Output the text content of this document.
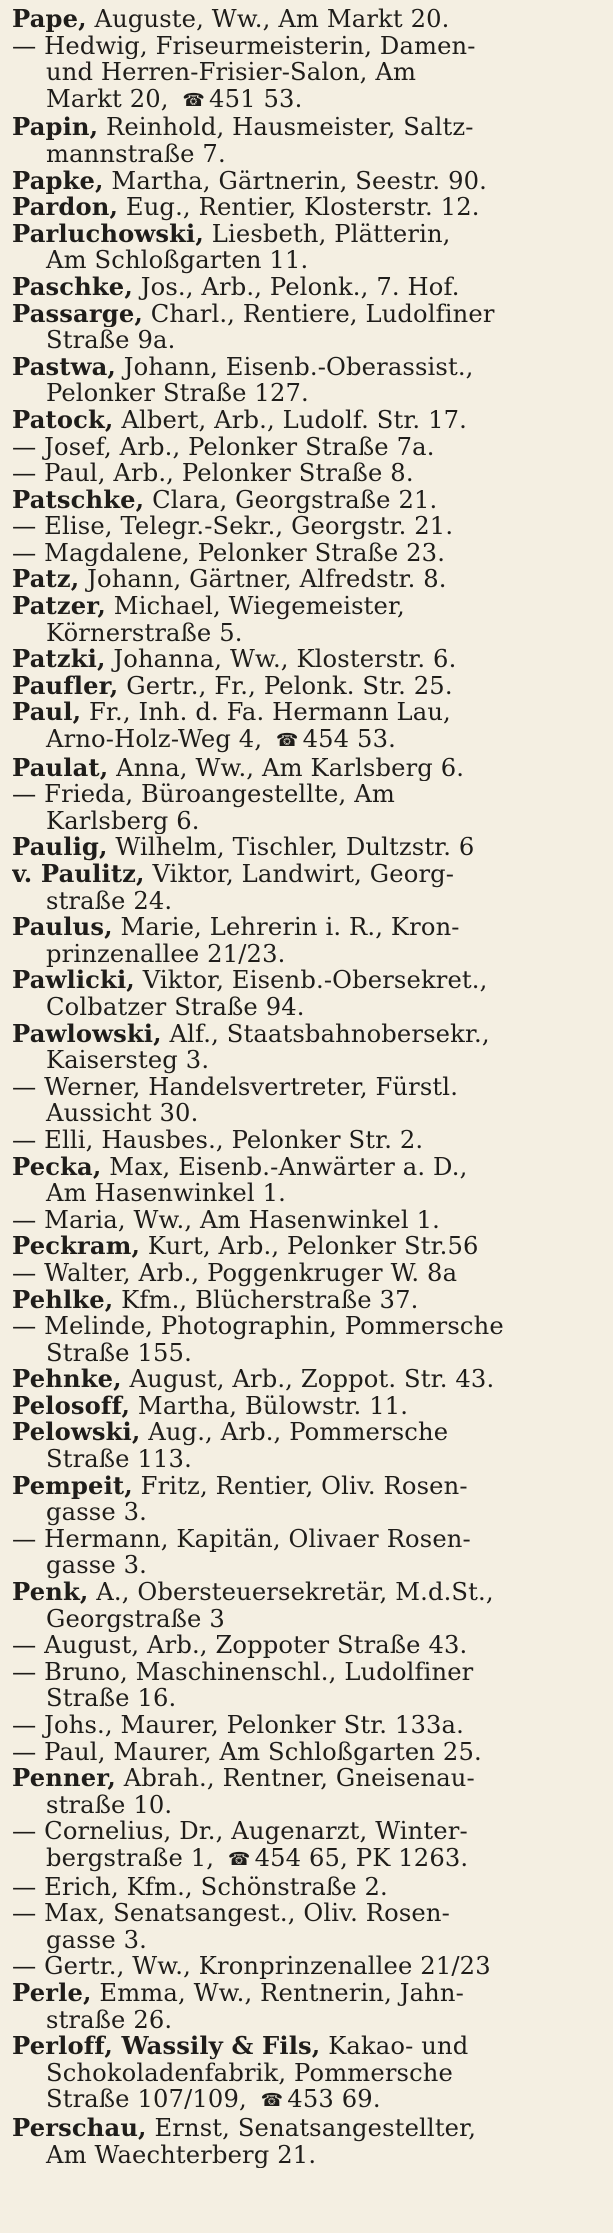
Pape, Auguste, Ww., Am Markt 20.
— Hedwig, Friseurmeisterin, Damen-
und Herren-Frisier-Salon, Am
Markt 20, ☎ 451 53.
Papin, Reinhold, Hausmeister, Saltz-
mannstraße 7.
Papke, Martha, Gärtnerin, Seestr. 90.
Pardon, Eug., Rentier, Klosterstr. 12.
Parluchowski, Liesbeth, Plätterin,
Am Schloßgarten 11.
Paschke, Jos., Arb., Pelonk., 7. Hof.
Passarge, Charl., Rentiere, Ludolfiner
Straße 9a.
Pastwa, Johann, Eisenb.-Oberassist.,
Pelonker Straße 127.
Patock, Albert, Arb., Ludolf. Str. 17.
— Josef, Arb., Pelonker Straße 7a.
— Paul, Arb., Pelonker Straße 8.
Patschke, Clara, Georgstraße 21.
— Elise, Telegr.-Sekr., Georgstr. 21.
— Magdalene, Pelonker Straße 23.
Patz, Johann, Gärtner, Alfredstr. 8.
Patzer, Michael, Wiegemeister,
Körnerstraße 5.
Patzki, Johanna, Ww., Klosterstr. 6.
Paufler, Gertr., Fr., Pelonk. Str. 25.
Paul, Fr., Inh. d. Fa. Hermann Lau,
Arno-Holz-Weg 4, ☎ 454 53.
Paulat, Anna, Ww., Am Karlsberg 6.
— Frieda, Büroangestellte, Am
Karlsberg 6.
Paulig, Wilhelm, Tischler, Dultzstr. 6
v. Paulitz, Viktor, Landwirt, Georg-
straße 24.
Paulus, Marie, Lehrerin i. R., Kron-
prinzenallee 21/23.
Pawlicki, Viktor, Eisenb.-Obersekret.,
Colbatzer Straße 94.
Pawlowski, Alf., Staatsbahnobersekr.,
Kaisersteg 3.
— Werner, Handelsvertreter, Fürstl.
Aussicht 30.
— Elli, Hausbes., Pelonker Str. 2.
Pecka, Max, Eisenb.-Anwärter a. D.,
Am Hasenwinkel 1.
— Maria, Ww., Am Hasenwinkel 1.
Peckram, Kurt, Arb., Pelonker Str.56
— Walter, Arb., Poggenkruger W. 8a
Pehlke, Kfm., Blücherstraße 37.
— Melinde, Photographin, Pommersche
Straße 155.
Pehnke, August, Arb., Zoppot. Str. 43.
Pelosoff, Martha, Bülowstr. 11.
Pelowski, Aug., Arb., Pommersche
Straße 113.
Pempeit, Fritz, Rentier, Oliv. Rosen-
gasse 3.
— Hermann, Kapitän, Olivaer Rosen-
gasse 3.
Penk, A., Obersteuersekretär, M.d.St.,
Georgstraße 3
— August, Arb., Zoppoter Straße 43.
— Bruno, Maschinenschl., Ludolfiner
Straße 16.
— Johs., Maurer, Pelonker Str. 133a.
— Paul, Maurer, Am Schloßgarten 25.
Penner, Abrah., Rentner, Gneisenau-
straße 10.
— Cornelius, Dr., Augenarzt, Winter-
bergstraße 1, ☎ 454 65, PK 1263.
— Erich, Kfm., Schönstraße 2.
— Max, Senatsangest., Oliv. Rosen-
gasse 3.
— Gertr., Ww., Kronprinzenallee 21/23
Perle, Emma, Ww., Rentnerin, Jahn-
straße 26.
Perloff, Wassily & Fils, Kakao- und
Schokoladenfabrik, Pommersche
Straße 107/109, ☎ 453 69.
Perschau, Ernst, Senatsangestellter,
Am Waechterberg 21.
